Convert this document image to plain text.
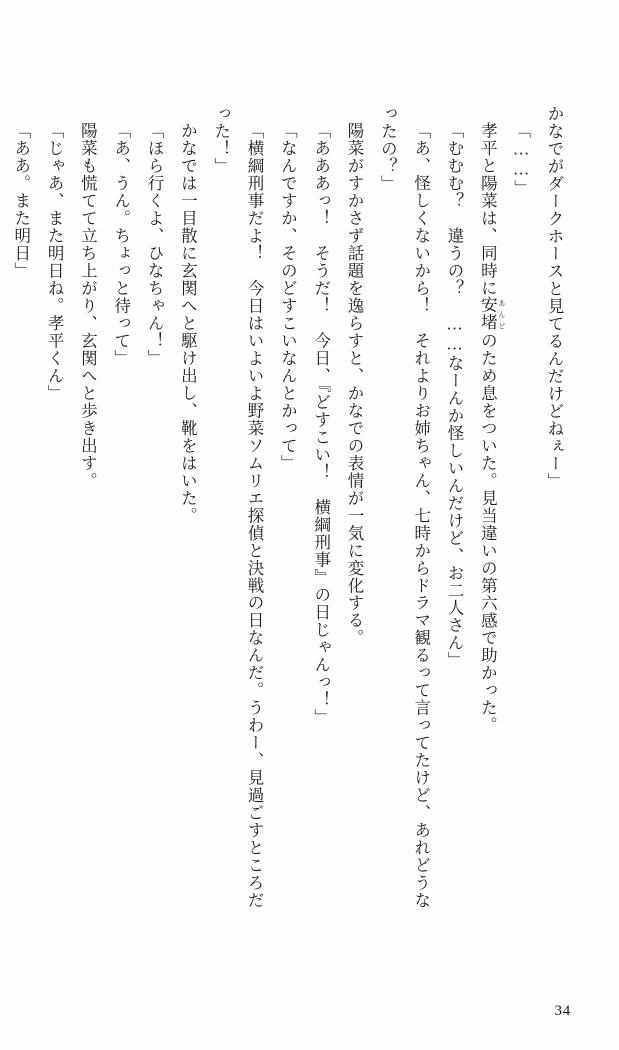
かなでがダークホースと見てるんだけどねぇー」
「……」
孝平と陽菜は、同時に安堵 あんどのため息をついた。見当違いの第六感で助かった。
「むむむ？　違うの？　……なーんか怪しいんだけど、お二人さん」
「あ、怪しくないから！　それよりお姉ちゃん、七時からドラマ観るって言ってたけど、あれどうなったの？」
陽菜がすかさず話題を逸らすと、かなでの表情が一気に変化する。
「あああっ！　そうだ！　今日、『どすこい！　横綱刑事』の日じゃんっ！」
「なんですか、そのどすこいなんとかって」
「横綱刑事だよ！　今日はいよいよ野菜ソムリエ探偵と決戦の日なんだ。うわー、見過ごすところだった！」
かなでは一目散に玄関へと駆け出し、靴をはいた。
「ほら行くよ、ひなちゃん！」
「あ、うん。ちょっと待って」
陽菜も慌てて立ち上がり、玄関へと歩き出す。
「じゃあ、また明日ね。孝平くん」
「ああ。また明日」
34
